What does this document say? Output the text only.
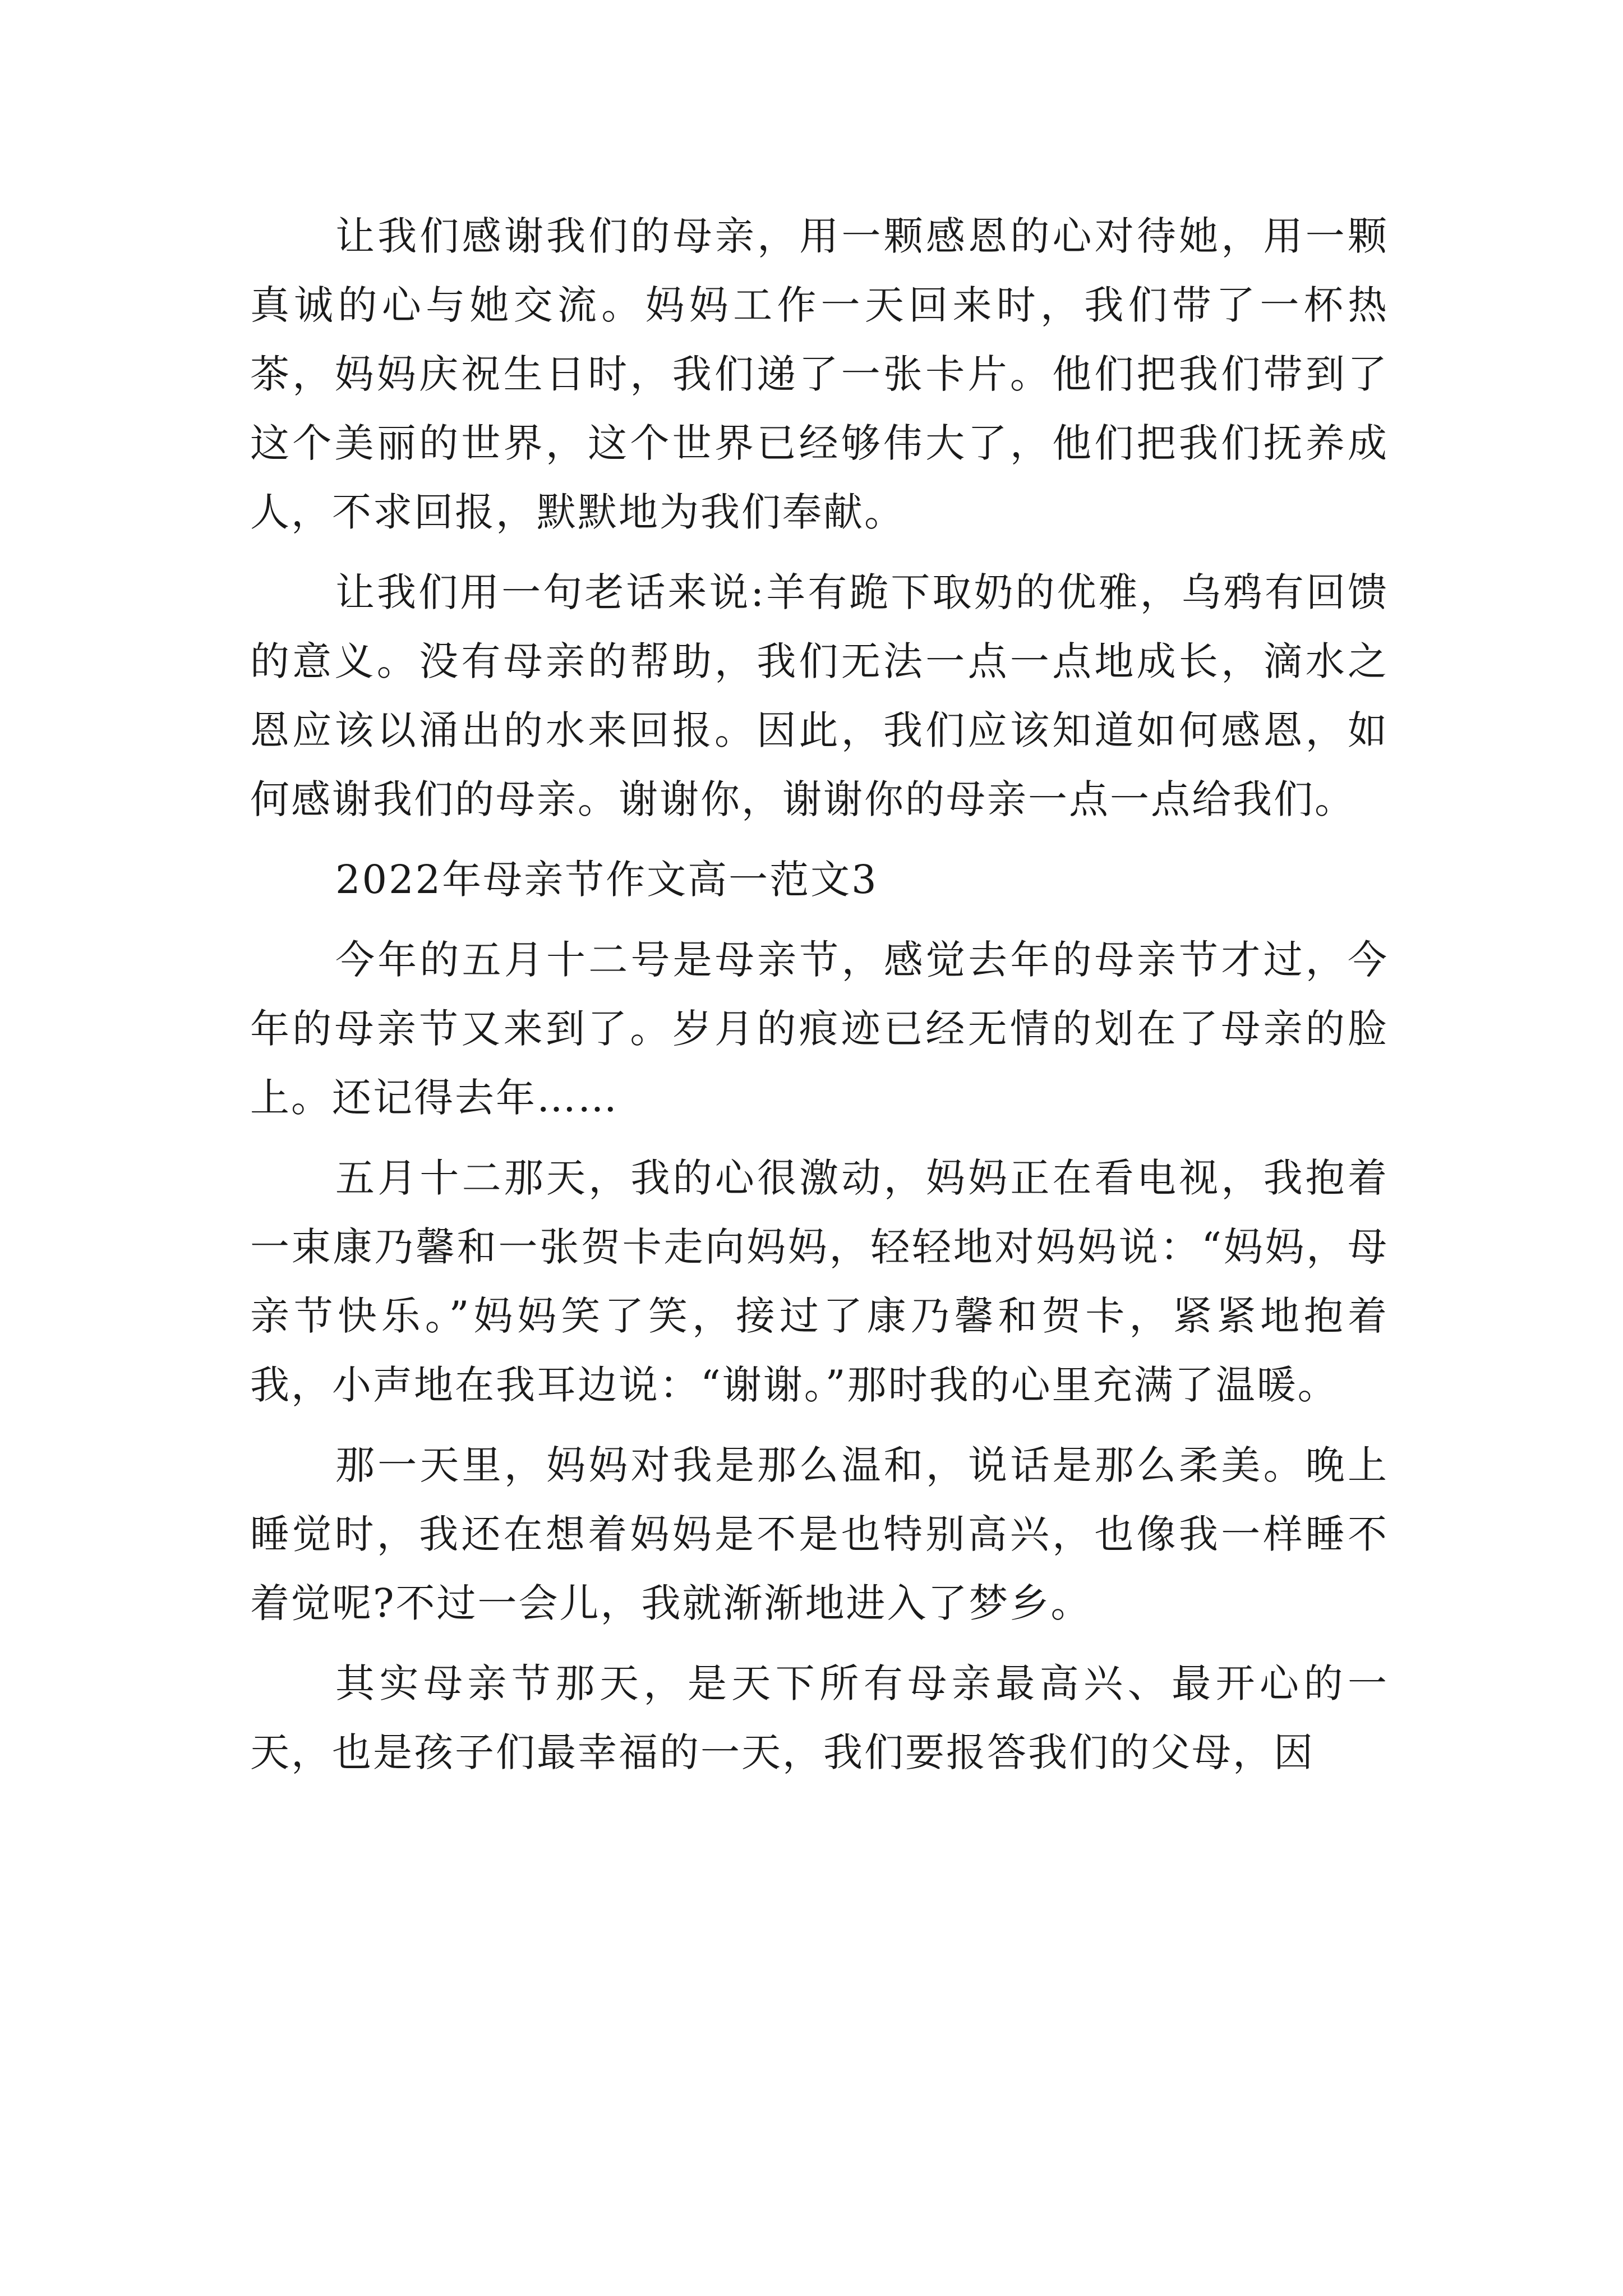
让我们感谢我们的母亲，用一颗感恩的心对待她，用一颗真诚的心与她交流。妈妈工作一天回来时，我们带了一杯热茶，妈妈庆祝生日时，我们递了一张卡片。他们把我们带到了这个美丽的世界，这个世界已经够伟大了，他们把我们抚养成人，不求回报，默默地为我们奉献。

让我们用一句老话来说:羊有跪下取奶的优雅，乌鸦有回馈的意义。没有母亲的帮助，我们无法一点一点地成长，滴水之恩应该以涌出的水来回报。因此，我们应该知道如何感恩，如何感谢我们的母亲。谢谢你，谢谢你的母亲一点一点给我们。

2022年母亲节作文高一范文3

今年的五月十二号是母亲节，感觉去年的母亲节才过，今年的母亲节又来到了。岁月的痕迹已经无情的划在了母亲的脸上。还记得去年……

五月十二那天，我的心很激动，妈妈正在看电视，我抱着一束康乃馨和一张贺卡走向妈妈，轻轻地对妈妈说：“妈妈，母亲节快乐。”妈妈笑了笑，接过了康乃馨和贺卡，紧紧地抱着我，小声地在我耳边说：“谢谢。”那时我的心里充满了温暖。

那一天里，妈妈对我是那么温和，说话是那么柔美。晚上睡觉时，我还在想着妈妈是不是也特别高兴，也像我一样睡不着觉呢?不过一会儿，我就渐渐地进入了梦乡。

其实母亲节那天，是天下所有母亲最高兴、最开心的一天，也是孩子们最幸福的一天，我们要报答我们的父母，因
